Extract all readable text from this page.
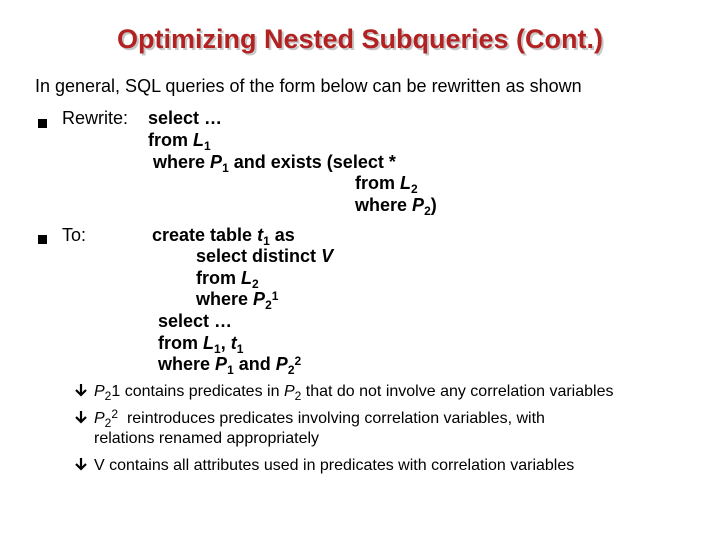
Optimizing Nested Subqueries (Cont.)
In general, SQL queries of the form below can be rewritten as shown
Rewrite: select …
from $L_1$
where $P_1$ and exists (select *
from $L_2$
where $P_2$)
To:	create table $t_1$ as
select distinct V
from $L_2$
where $P_2^1$
select …
from $L_1$, $t_1$
where $P_1$ and $P_2^2$
$P_21$ contains predicates in $P_2$ that do not involve any correlation variables
$P_2^2$ reintroduces predicates involving correlation variables, with
relations renamed appropriately
V contains all attributes used in predicates with correlation variables
